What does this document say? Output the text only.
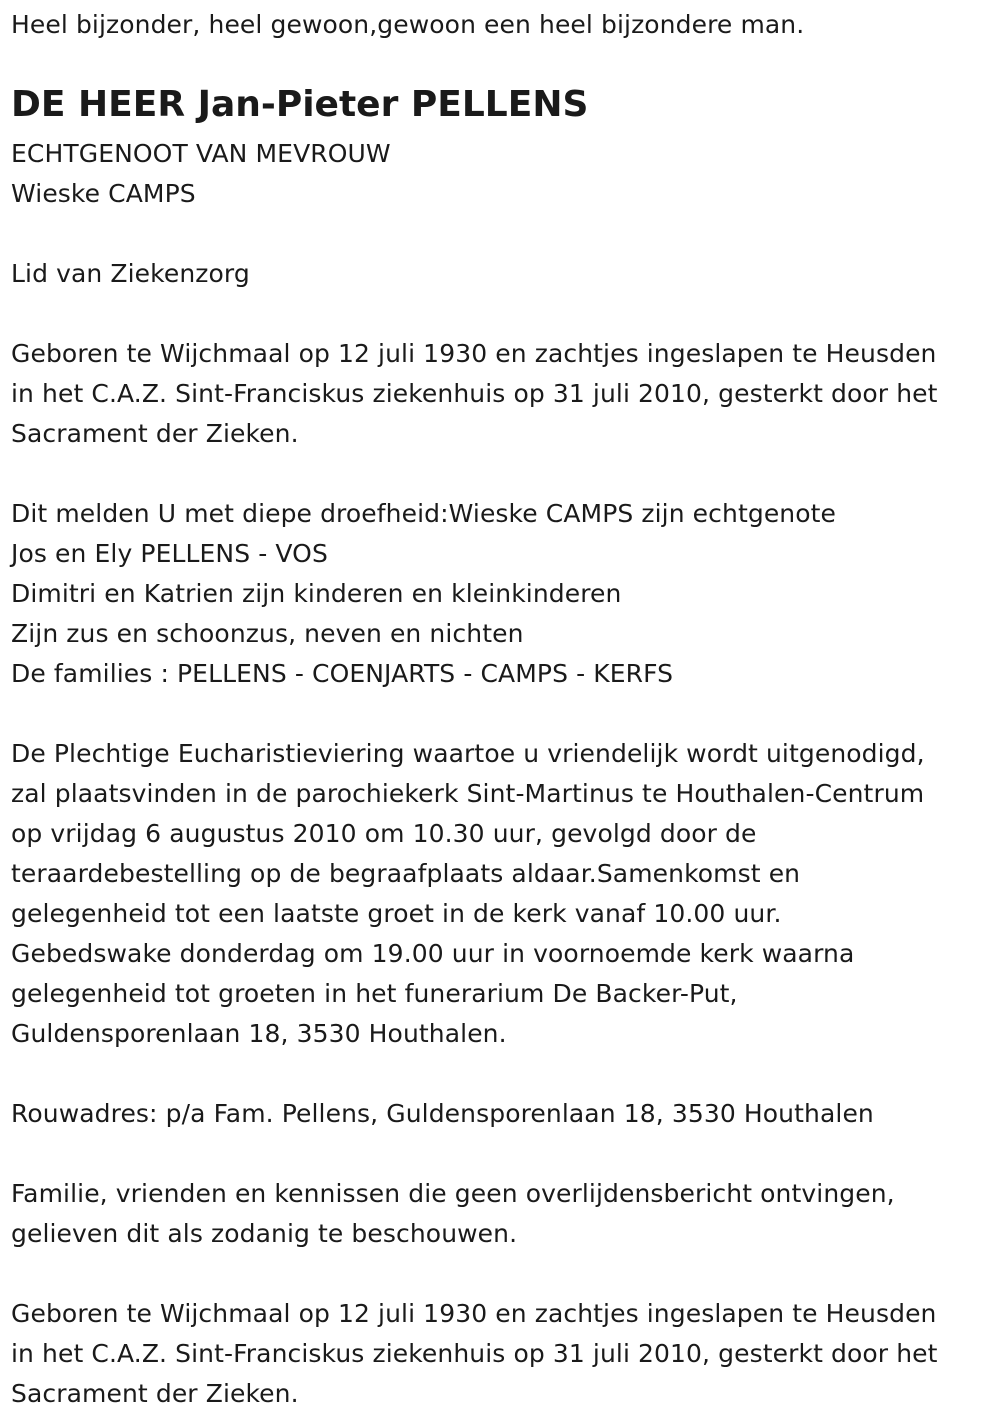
Heel bijzonder, heel gewoon,gewoon een heel bijzondere man.
DE HEER Jan-Pieter PELLENS
ECHTGENOOT VAN MEVROUW
Wieske CAMPS
Lid van Ziekenzorg
Geboren te Wijchmaal op 12 juli 1930 en zachtjes ingeslapen te Heusden
in het C.A.Z. Sint-Franciskus ziekenhuis op 31 juli 2010, gesterkt door het
Sacrament der Zieken.
Dit melden U met diepe droefheid:Wieske CAMPS zijn echtgenote
Jos en Ely PELLENS - VOS
Dimitri en Katrien zijn kinderen en kleinkinderen
Zijn zus en schoonzus, neven en nichten
De families : PELLENS - COENJARTS - CAMPS - KERFS
De Plechtige Eucharistieviering waartoe u vriendelijk wordt uitgenodigd,
zal plaatsvinden in de parochiekerk Sint-Martinus te Houthalen-Centrum
op vrijdag 6 augustus 2010 om 10.30 uur, gevolgd door de
teraardebestelling op de begraafplaats aldaar.Samenkomst en
gelegenheid tot een laatste groet in de kerk vanaf 10.00 uur.
Gebedswake donderdag om 19.00 uur in voornoemde kerk waarna
gelegenheid tot groeten in het funerarium De Backer-Put,
Guldensporenlaan 18, 3530 Houthalen.
Rouwadres: p/a Fam. Pellens, Guldensporenlaan 18, 3530 Houthalen
Familie, vrienden en kennissen die geen overlijdensbericht ontvingen,
gelieven dit als zodanig te beschouwen.
Geboren te Wijchmaal op 12 juli 1930 en zachtjes ingeslapen te Heusden
in het C.A.Z. Sint-Franciskus ziekenhuis op 31 juli 2010, gesterkt door het
Sacrament der Zieken.
